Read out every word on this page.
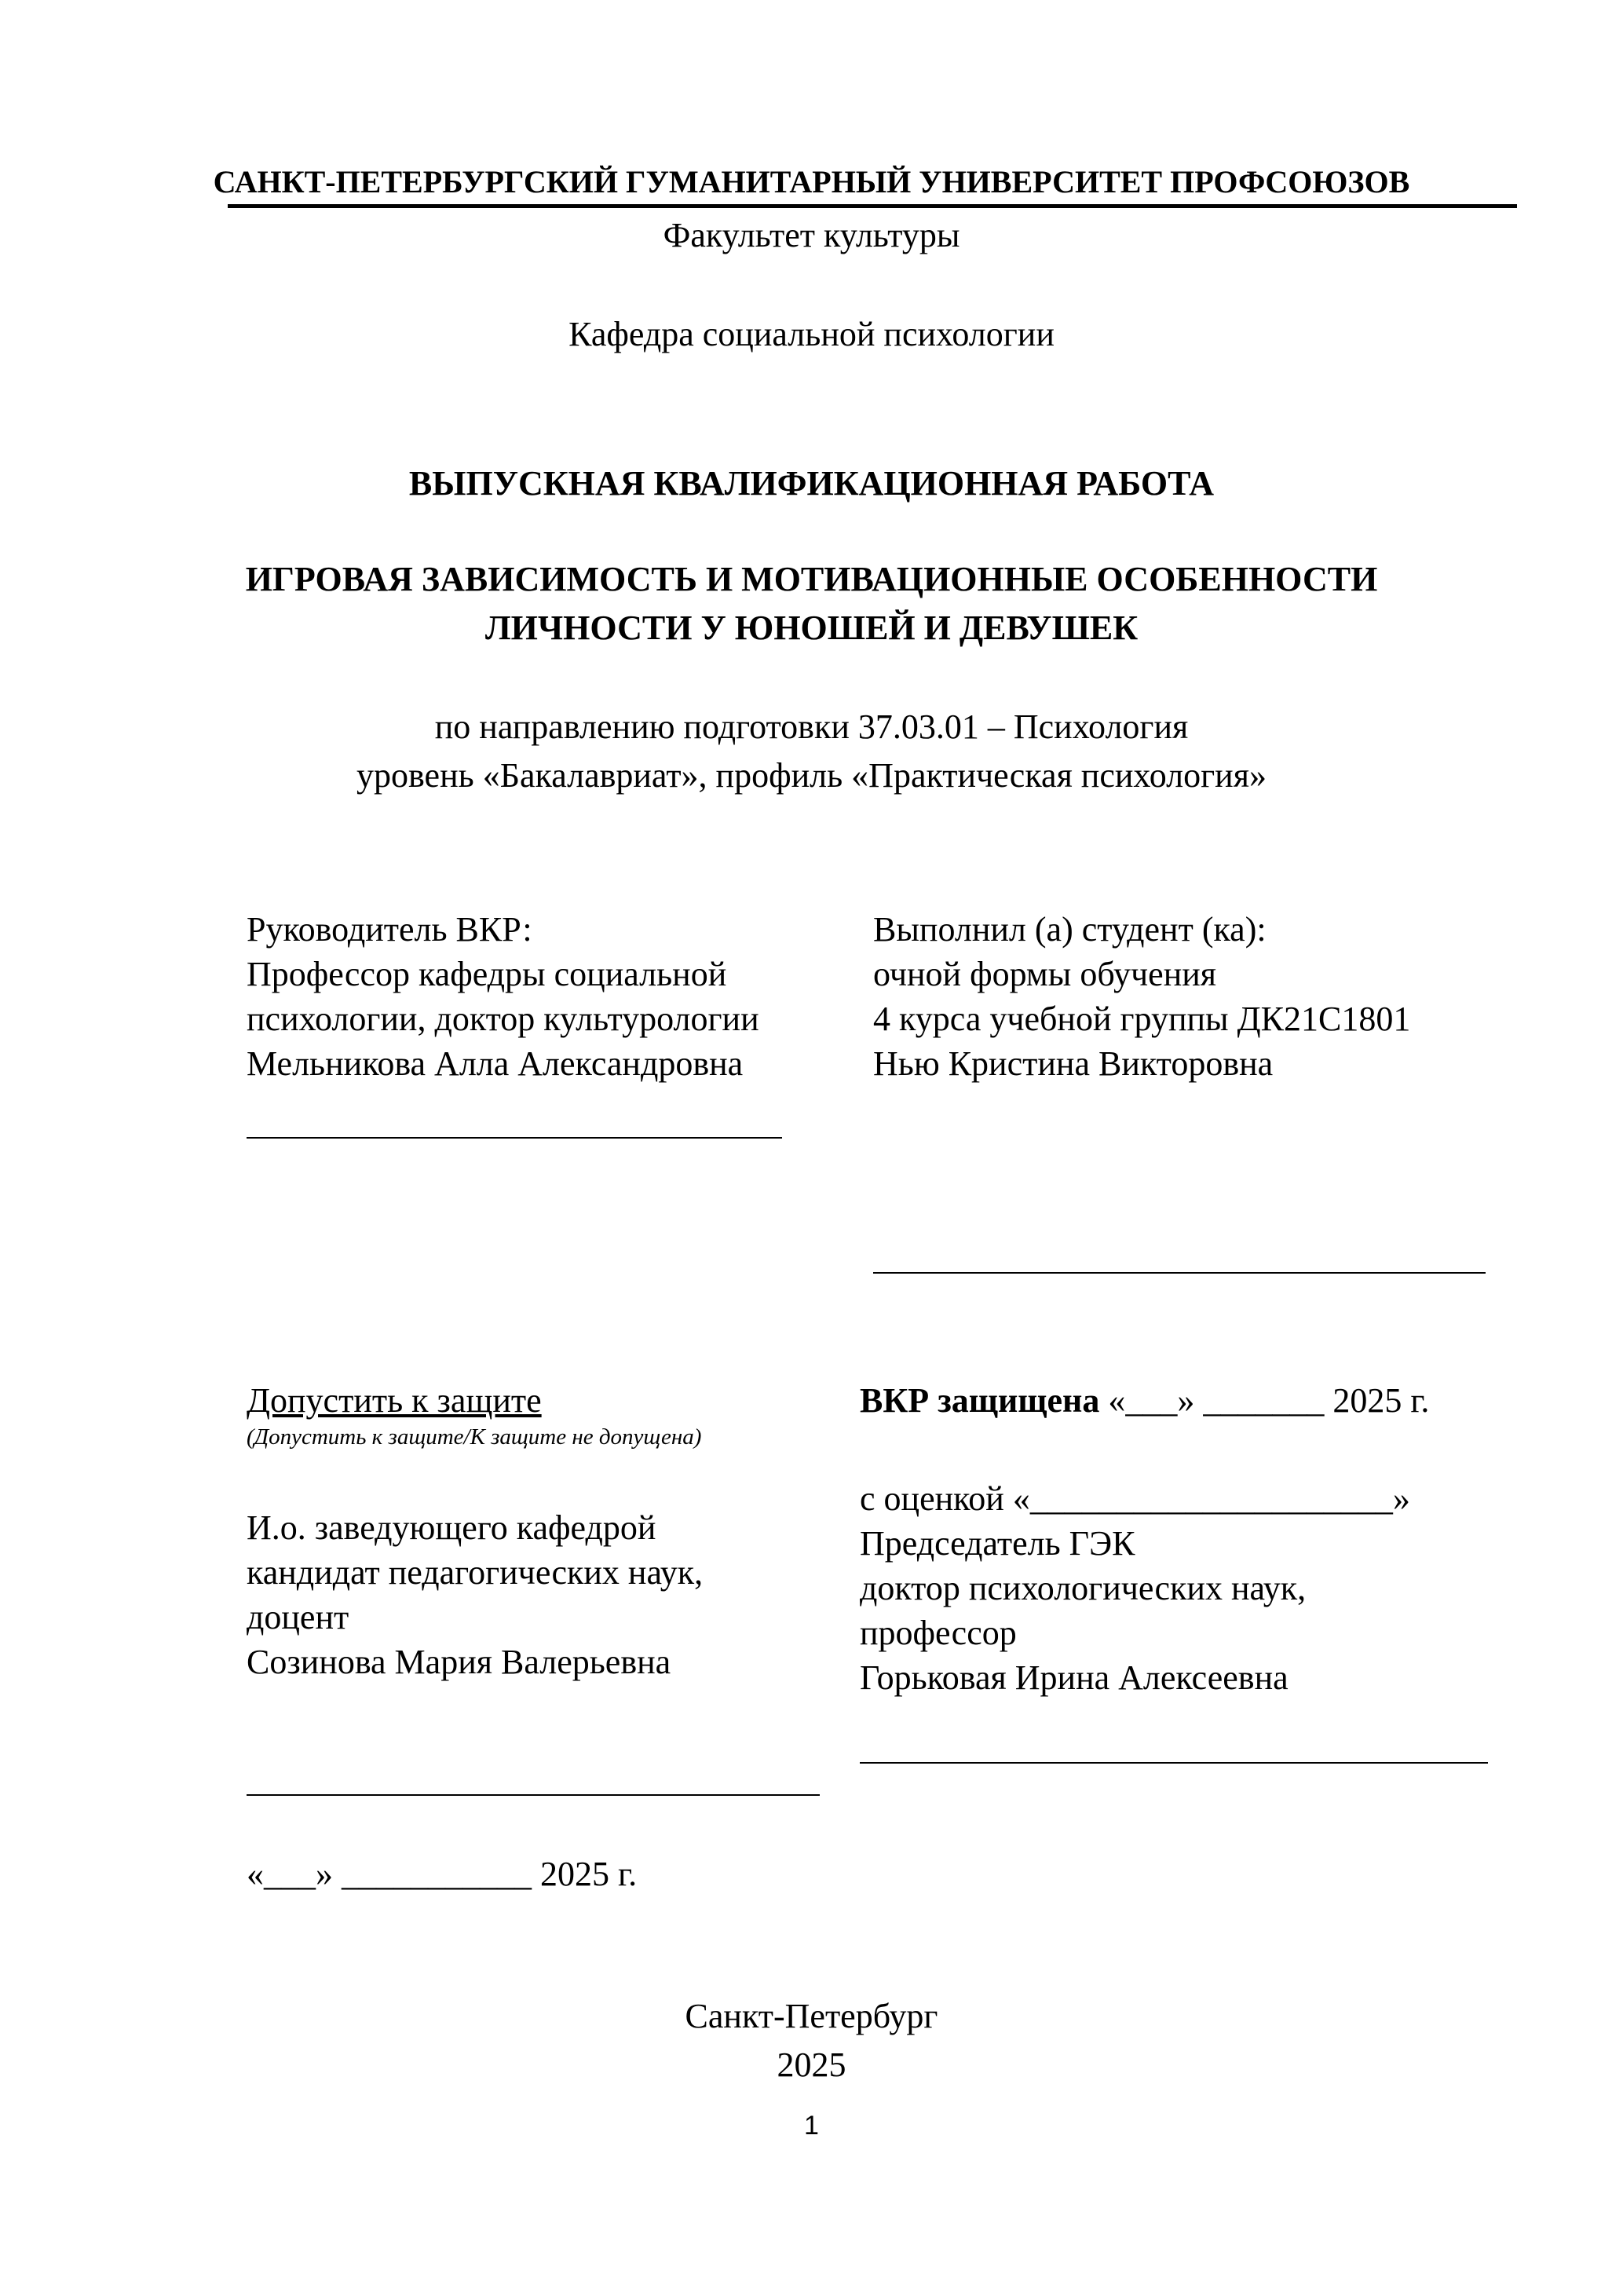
САНКТ-ПЕТЕРБУРГСКИЙ ГУМАНИТАРНЫЙ УНИВЕРСИТЕТ ПРОФСОЮЗОВ
Факультет культуры
Кафедра социальной психологии
ВЫПУСКНАЯ КВАЛИФИКАЦИОННАЯ РАБОТА
ИГРОВАЯ ЗАВИСИМОСТЬ И МОТИВАЦИОННЫЕ ОСОБЕННОСТИ
ЛИЧНОСТИ У ЮНОШЕЙ И ДЕВУШЕК
по направлению подготовки 37.03.01 – Психология
уровень «Бакалавриат», профиль «Практическая психология»
Руководитель ВКР:
Профессор кафедры социальной
психологии, доктор культурологии
Мельникова Алла Александровна
Выполнил (а) студент (ка):
очной формы обучения
4 курса учебной группы ДК21С1801
Нью Кристина Викторовна
Допустить к защите
(Допустить к защите/К защите не допущена)
И.о. заведующего кафедрой
кандидат педагогических наук,
доцент
Созинова Мария Валерьевна
«___» ___________ 2025 г.
ВКР защищена «___» _______ 2025 г.
с оценкой «_____________________»
Председатель ГЭК
доктор психологических наук,
профессор
Горьковая Ирина Алексеевна
Санкт-Петербург
2025
1
